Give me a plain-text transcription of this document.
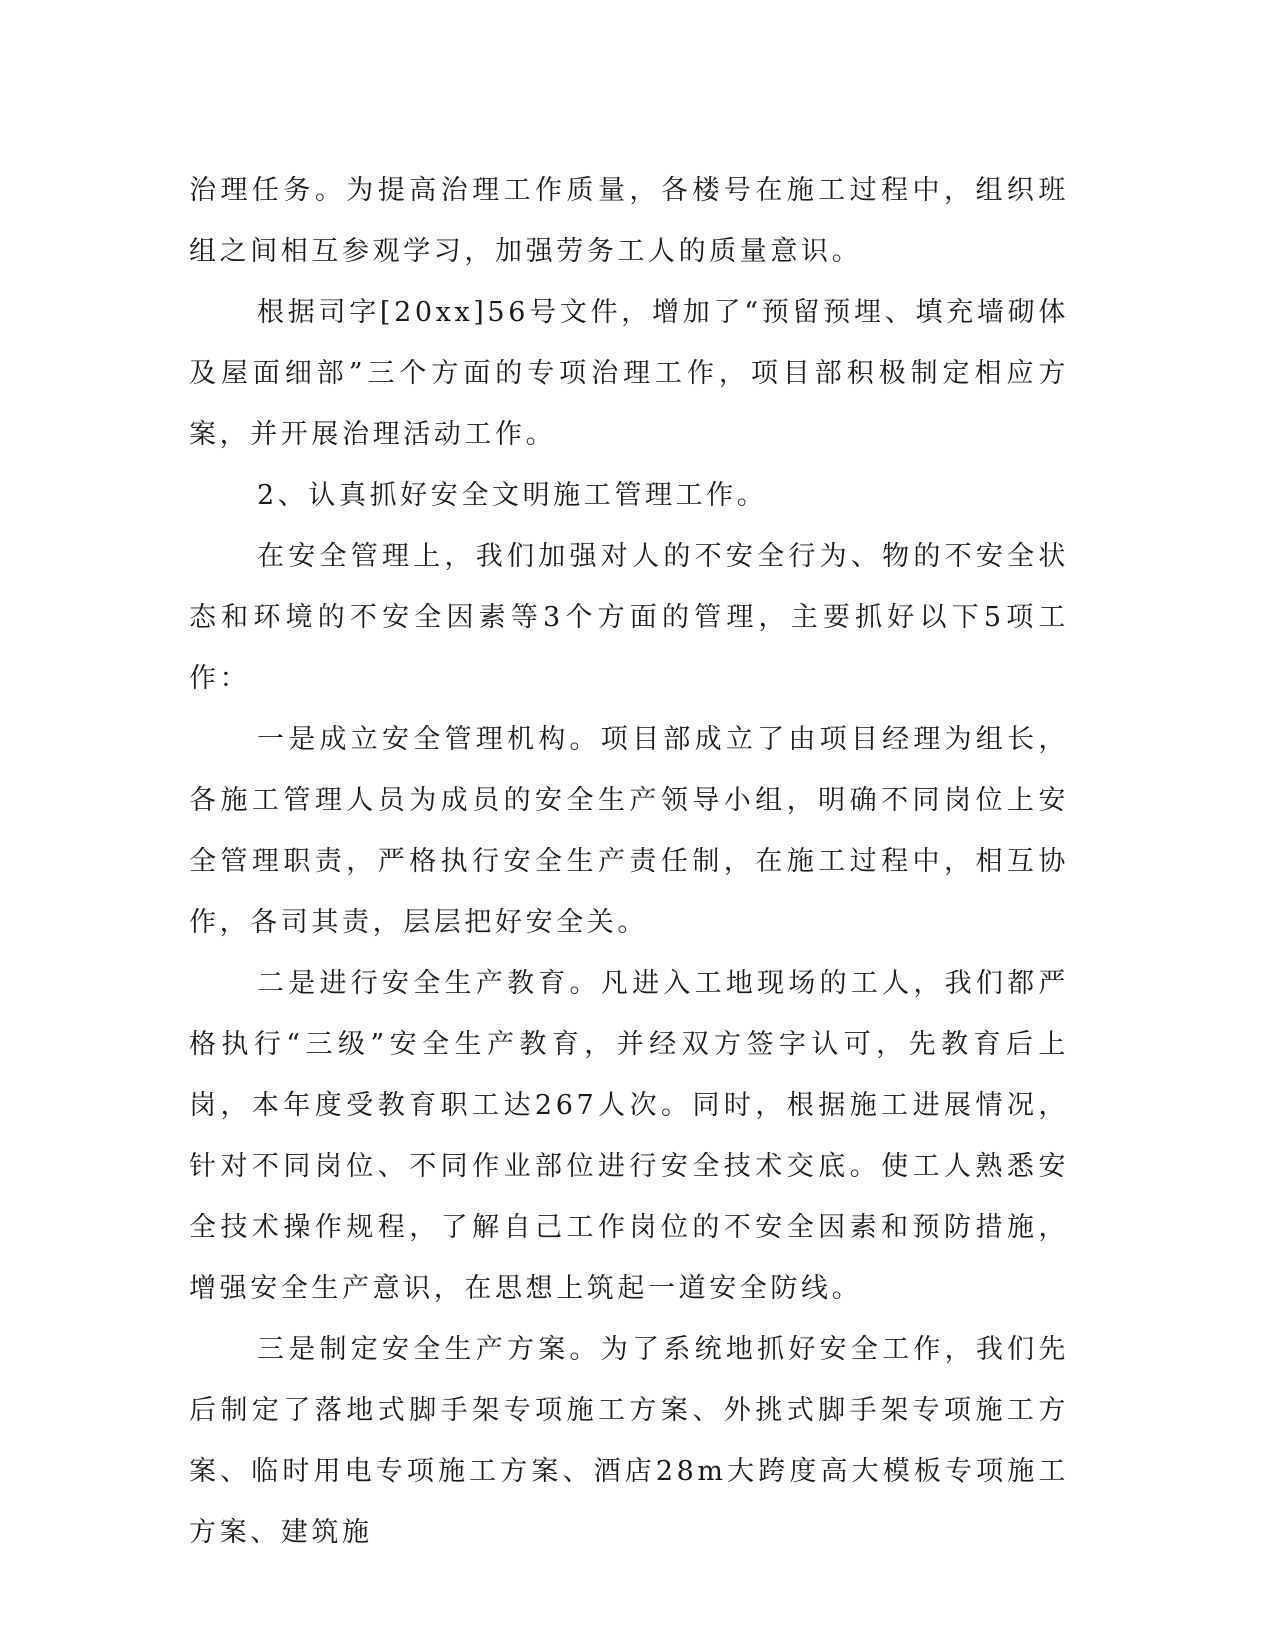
治理任务。为提高治理工作质量，各楼号在施工过程中，组织班组之间相互参观学习，加强劳务工人的质量意识。

根据司字[20xx]56号文件，增加了“预留预埋、填充墙砌体及屋面细部”三个方面的专项治理工作，项目部积极制定相应方案，并开展治理活动工作。

2、认真抓好安全文明施工管理工作。

在安全管理上，我们加强对人的不安全行为、物的不安全状态和环境的不安全因素等3个方面的管理，主要抓好以下5项工作：

一是成立安全管理机构。项目部成立了由项目经理为组长，各施工管理人员为成员的安全生产领导小组，明确不同岗位上安全管理职责，严格执行安全生产责任制，在施工过程中，相互协作，各司其责，层层把好安全关。

二是进行安全生产教育。凡进入工地现场的工人，我们都严格执行“三级”安全生产教育，并经双方签字认可，先教育后上岗，本年度受教育职工达267人次。同时，根据施工进展情况，针对不同岗位、不同作业部位进行安全技术交底。使工人熟悉安全技术操作规程，了解自己工作岗位的不安全因素和预防措施，增强安全生产意识，在思想上筑起一道安全防线。

三是制定安全生产方案。为了系统地抓好安全工作，我们先后制定了落地式脚手架专项施工方案、外挑式脚手架专项施工方案、临时用电专项施工方案、酒店28m大跨度高大模板专项施工方案、建筑施
